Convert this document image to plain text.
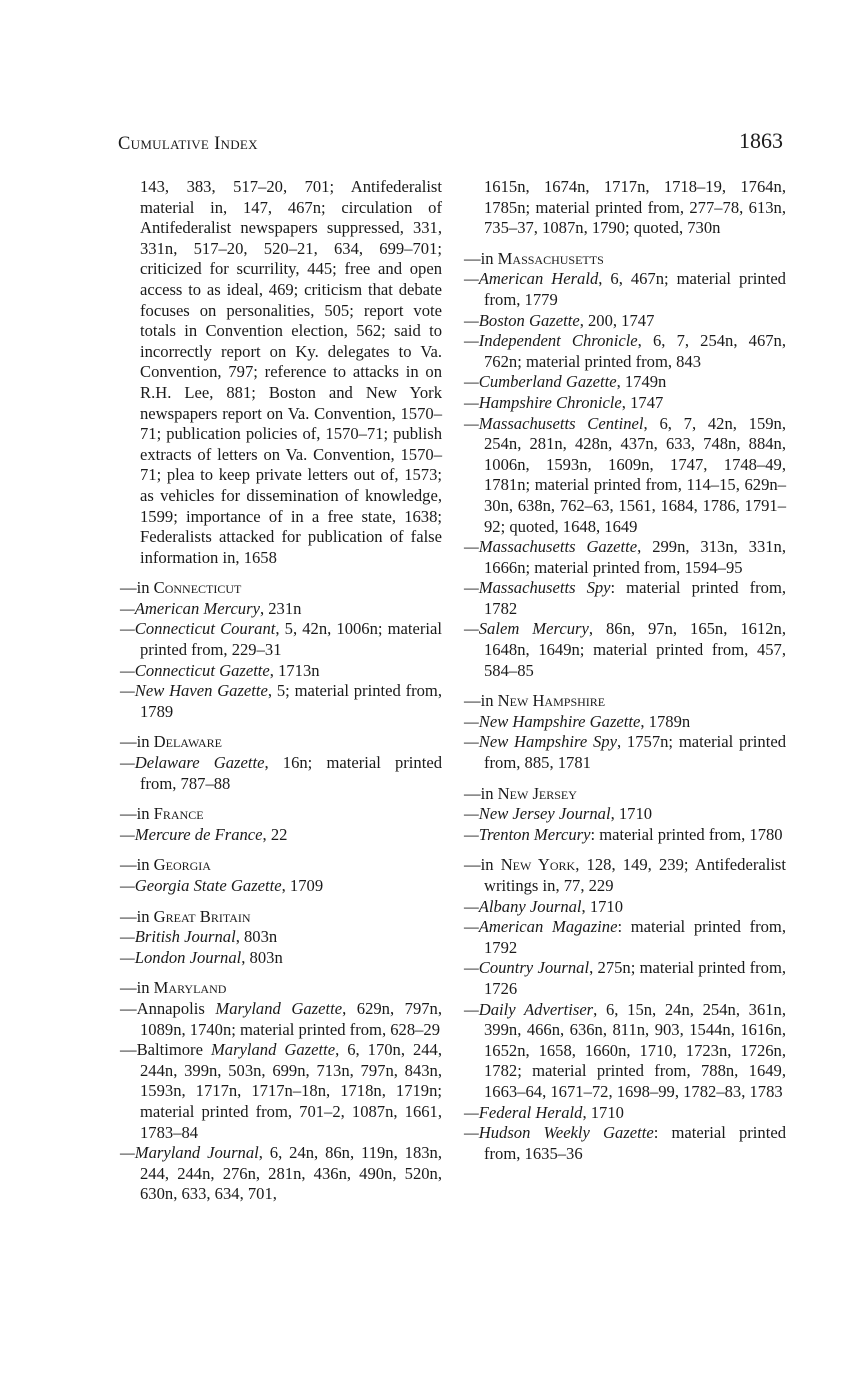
Cumulative Index	1863
143, 383, 517–20, 701; Antifederalist material in, 147, 467n; circulation of Antifederalist newspapers suppressed, 331, 331n, 517–20, 520–21, 634, 699–701; criticized for scurrility, 445; free and open access to as ideal, 469; criticism that debate focuses on personalities, 505; report vote totals in Convention election, 562; said to incorrectly report on Ky. delegates to Va. Convention, 797; reference to attacks in on R.H. Lee, 881; Boston and New York newspapers report on Va. Convention, 1570–71; publication policies of, 1570–71; publish extracts of letters on Va. Convention, 1570–71; plea to keep private letters out of, 1573; as vehicles for dissemination of knowledge, 1599; importance of in a free state, 1638; Federalists attacked for publication of false information in, 1658
—in Connecticut
—American Mercury, 231n
—Connecticut Courant, 5, 42n, 1006n; material printed from, 229–31
—Connecticut Gazette, 1713n
—New Haven Gazette, 5; material printed from, 1789
—in Delaware
—Delaware Gazette, 16n; material printed from, 787–88
—in France
—Mercure de France, 22
—in Georgia
—Georgia State Gazette, 1709
—in Great Britain
—British Journal, 803n
—London Journal, 803n
—in Maryland
—Annapolis Maryland Gazette, 629n, 797n, 1089n, 1740n; material printed from, 628–29
—Baltimore Maryland Gazette, 6, 170n, 244, 244n, 399n, 503n, 699n, 713n, 797n, 843n, 1593n, 1717n, 1717n–18n, 1718n, 1719n; material printed from, 701–2, 1087n, 1661, 1783–84
—Maryland Journal, 6, 24n, 86n, 119n, 183n, 244, 244n, 276n, 281n, 436n, 490n, 520n, 630n, 633, 634, 701,
1615n, 1674n, 1717n, 1718–19, 1764n, 1785n; material printed from, 277–78, 613n, 735–37, 1087n, 1790; quoted, 730n
—in Massachusetts
—American Herald, 6, 467n; material printed from, 1779
—Boston Gazette, 200, 1747
—Independent Chronicle, 6, 7, 254n, 467n, 762n; material printed from, 843
—Cumberland Gazette, 1749n
—Hampshire Chronicle, 1747
—Massachusetts Centinel, 6, 7, 42n, 159n, 254n, 281n, 428n, 437n, 633, 748n, 884n, 1006n, 1593n, 1609n, 1747, 1748–49, 1781n; material printed from, 114–15, 629n–30n, 638n, 762–63, 1561, 1684, 1786, 1791–92; quoted, 1648, 1649
—Massachusetts Gazette, 299n, 313n, 331n, 1666n; material printed from, 1594–95
—Massachusetts Spy: material printed from, 1782
—Salem Mercury, 86n, 97n, 165n, 1612n, 1648n, 1649n; material printed from, 457, 584–85
—in New Hampshire
—New Hampshire Gazette, 1789n
—New Hampshire Spy, 1757n; material printed from, 885, 1781
—in New Jersey
—New Jersey Journal, 1710
—Trenton Mercury: material printed from, 1780
—in New York, 128, 149, 239; Antifederalist writings in, 77, 229
—Albany Journal, 1710
—American Magazine: material printed from, 1792
—Country Journal, 275n; material printed from, 1726
—Daily Advertiser, 6, 15n, 24n, 254n, 361n, 399n, 466n, 636n, 811n, 903, 1544n, 1616n, 1652n, 1658, 1660n, 1710, 1723n, 1726n, 1782; material printed from, 788n, 1649, 1663–64, 1671–72, 1698–99, 1782–83, 1783
—Federal Herald, 1710
—Hudson Weekly Gazette: material printed from, 1635–36
